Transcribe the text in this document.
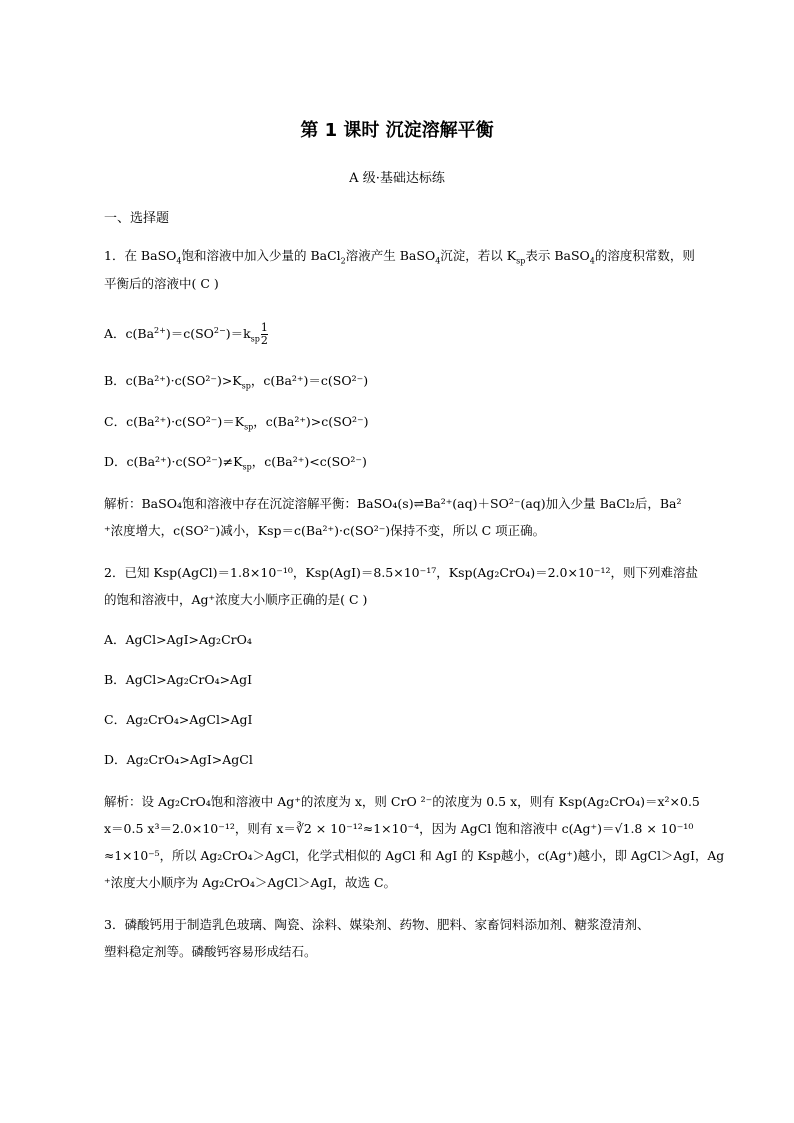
第 1 课时 沉淀溶解平衡
A 级·基础达标练
一、选择题
1．在 BaSO$_4$饱和溶液中加入少量的 BaCl$_2$溶液产生 BaSO$_4$沉淀，若以 $K_{sp}$表示 BaSO$_4$的溶度积常数，则
平衡后的溶液中( C )
A．$c(Ba^{2+})=c(SO^{2-})=k_{sp} \frac{1}{2}$
B．$c(Ba^{2+})\cdot c(SO^{2-})>K_{sp}$，c(Ba²⁺)＝c(SO²⁻)
C．$c(Ba^{2+})\cdot c(SO^{2-})=K_{sp}$，c(Ba²⁺)>c(SO²⁻)
D．$c(Ba^{2+})\cdot c(SO^{2-})\ne K_{sp}$，c(Ba²⁺)<c(SO²⁻)
解析：BaSO₄饱和溶液中存在沉淀溶解平衡：BaSO₄(s)⇌Ba²⁺(aq)＋SO²⁻(aq)加入少量 BaCl₂后，Ba²
⁺浓度增大，c(SO²⁻)减小，Ksp＝c(Ba²⁺)·c(SO²⁻)保持不变，所以 C 项正确。
2．已知 Ksp(AgCl)＝1.8×10⁻¹⁰，Ksp(AgI)＝8.5×10⁻¹⁷，Ksp(Ag₂CrO₄)＝2.0×10⁻¹²，则下列难溶盐
的饱和溶液中，Ag⁺浓度大小顺序正确的是( C )
A．AgCl>AgI>Ag₂CrO₄
B．AgCl>Ag₂CrO₄>AgI
C．Ag₂CrO₄>AgCl>AgI
D．Ag₂CrO₄>AgI>AgCl
解析：设 Ag₂CrO₄饱和溶液中 Ag⁺的浓度为 x，则 CrO ²⁻的浓度为 0.5 x，则有 Ksp(Ag₂CrO₄)＝x²×0.5
x＝0.5 x³＝2.0×10⁻¹²，则有 x＝∛2 × 10⁻¹²≈1×10⁻⁴，因为 AgCl 饱和溶液中 c(Ag⁺)＝√1.8 × 10⁻¹⁰
≈1×10⁻⁵，所以 Ag₂CrO₄＞AgCl，化学式相似的 AgCl 和 AgI 的 Ksp越小，c(Ag⁺)越小，即 AgCl＞AgI，Ag
⁺浓度大小顺序为 Ag₂CrO₄＞AgCl＞AgI，故选 C。
3．磷酸钙用于制造乳色玻璃、陶瓷、涂料、媒染剂、药物、肥料、家畜饲料添加剂、糖浆澄清剂、
塑料稳定剂等。磷酸钙容易形成结石。
